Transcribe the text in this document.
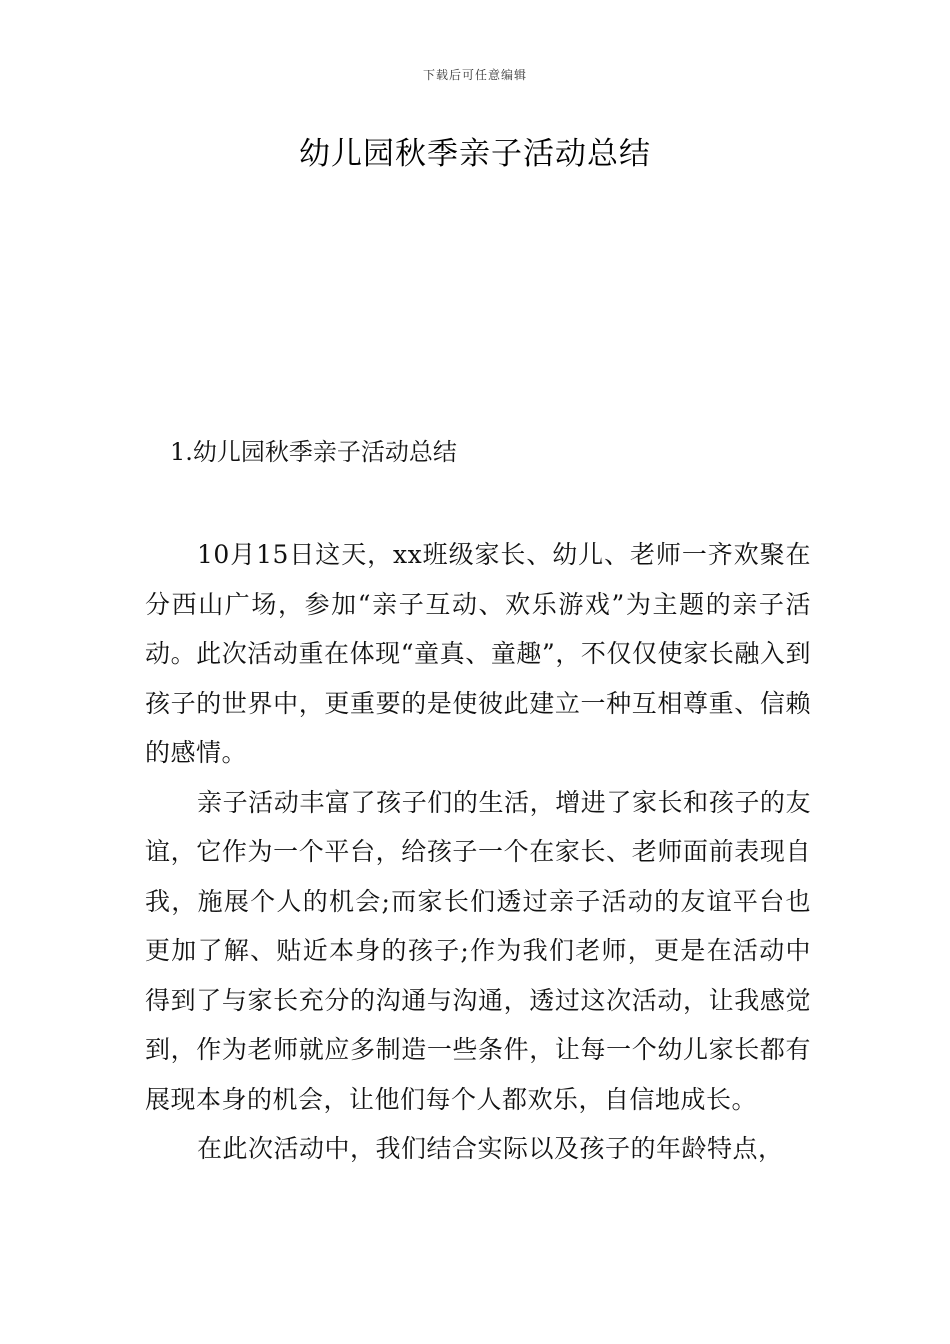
下载后可任意编辑
幼儿园秋季亲子活动总结
1.幼儿园秋季亲子活动总结

10月15日这天，xx班级家长、幼儿、老师一齐欢聚在分西山广场，参加“亲子互动、欢乐游戏”为主题的亲子活动。此次活动重在体现“童真、童趣”，不仅仅使家长融入到孩子的世界中，更重要的是使彼此建立一种互相尊重、信赖的感情。

亲子活动丰富了孩子们的生活，增进了家长和孩子的友谊，它作为一个平台，给孩子一个在家长、老师面前表现自我，施展个人的机会;而家长们透过亲子活动的友谊平台也更加了解、贴近本身的孩子;作为我们老师，更是在活动中得到了与家长充分的沟通与沟通，透过这次活动，让我感觉到，作为老师就应多制造一些条件，让每一个幼儿家长都有展现本身的机会，让他们每个人都欢乐，自信地成长。

在此次活动中，我们结合实际以及孩子的年龄特点，
